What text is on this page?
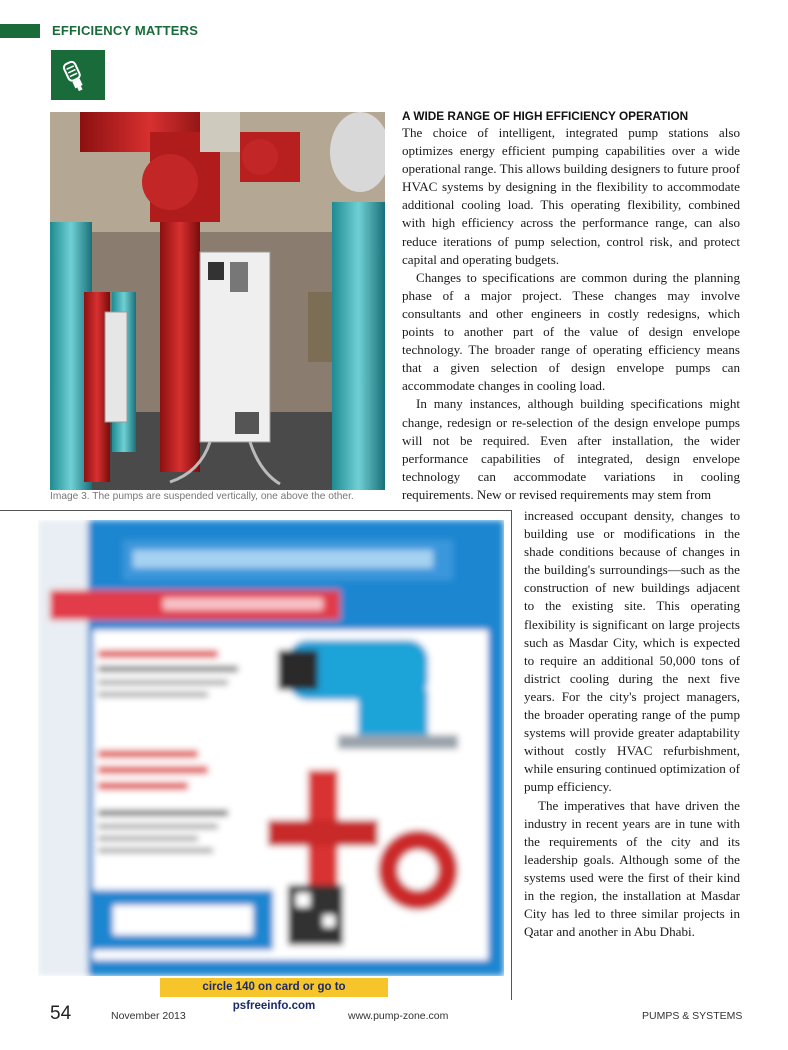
EFFICIENCY MATTERS
Image 3. The pumps are suspended vertically, one above the other.

A WIDE RANGE OF HIGH EFFICIENCY OPERATION

The choice of intelligent, integrated pump stations also optimizes energy efficient pumping capabilities over a wide operational range. This allows building designers to future proof HVAC systems by designing in the flexibility to accommodate additional cooling load. This operating flexibility, combined with high efficiency across the performance range, can also reduce iterations of pump selection, control risk, and protect capital and operating budgets.

Changes to specifications are common during the planning phase of a major project. These changes may involve consultants and other engineers in costly redesigns, which points to another part of the value of design envelope technology. The broader range of operating efficiency means that a given selection of design envelope pumps can accommodate changes in cooling load.

In many instances, although building specifications might change, redesign or re-selection of the design envelope pumps will not be required. Even after installation, the wider performance capabilities of integrated, design envelope technology can accommodate variations in cooling requirements. New or revised requirements may stem from

increased occupant density, changes to building use or modifications in the shade conditions because of changes in the building's surroundings—such as the construction of new buildings adjacent to the existing site. This operating flexibility is significant on large projects such as Masdar City, which is expected to require an additional 50,000 tons of district cooling during the next five years. For the city's project managers, the broader operating range of the pump systems will provide greater adaptability without costly HVAC refurbishment, while ensuring continued optimization of pump efficiency.

The imperatives that have driven the industry in recent years are in tune with the requirements of the city and its leadership goals. Although some of the systems used were the first of their kind in the region, the installation at Masdar City has led to three similar projects in Qatar and another in Abu Dhabi.

circle 140 on card or go to psfreeinfo.com
54	November 2013	www.pump-zone.com	PUMPS & SYSTEMS
